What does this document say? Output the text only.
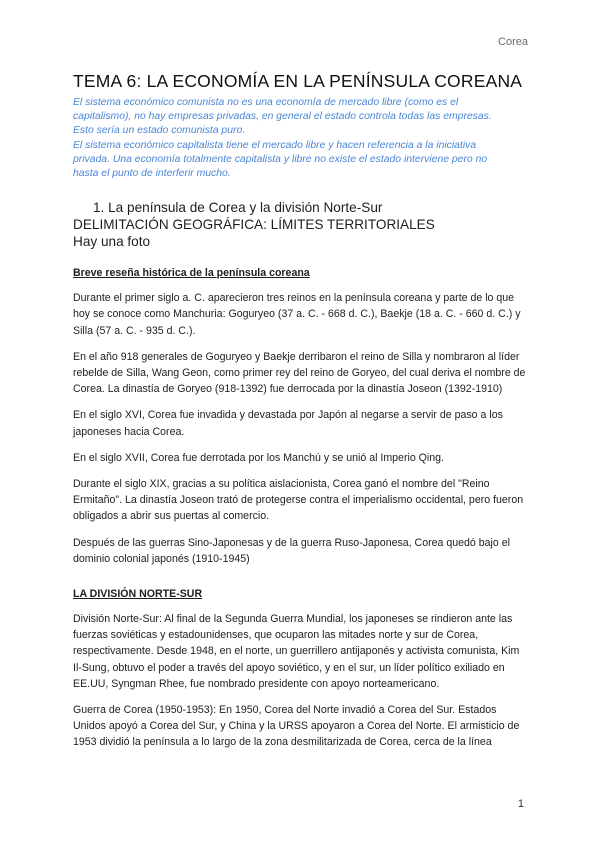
Corea
TEMA 6: LA ECONOMÍA EN LA PENÍNSULA COREANA
El sistema económico comunista no es una economía de mercado libre (como es el
capitalismo), no hay empresas privadas, en general el estado controla todas las empresas.
Esto sería un estado comunista puro.
El sistema económico capitalista tiene el mercado libre y hacen referencia a la iniciativa
privada. Una economía totalmente capitalista y libre no existe el estado interviene pero no
hasta el punto de interferir mucho.
1. La península de Corea y la división Norte-Sur
DELIMITACIÓN GEOGRÁFICA: LÍMITES TERRITORIALES
Hay una foto
Breve reseña histórica de la península coreana

Durante el primer siglo a. C. aparecieron tres reinos en la península coreana y parte de lo que hoy se conoce como Manchuria: Goguryeo (37 a. C. - 668 d. C.), Baekje (18 a. C. - 660 d. C.) y Silla (57 a. C. - 935 d. C.).

En el año 918 generales de Goguryeo y Baekje derribaron el reino de Silla y nombraron al líder rebelde de Silla, Wang Geon, como primer rey del reino de Goryeo, del cual deriva el nombre de Corea. La dinastía de Goryeo (918-1392) fue derrocada por la dinastía Joseon (1392-1910)

En el siglo XVI, Corea fue invadida y devastada por Japón al negarse a servir de paso a los japoneses hacia Corea.

En el siglo XVII, Corea fue derrotada por los Manchú y se unió al Imperio Qing.

Durante el siglo XIX, gracias a su política aislacionista, Corea ganó el nombre del "Reino Ermitaño". La dinastía Joseon trató de protegerse contra el imperialismo occidental, pero fueron obligados a abrir sus puertas al comercio.

Después de las guerras Sino-Japonesas y de la guerra Ruso-Japonesa, Corea quedó bajo el dominio colonial japonés (1910-1945)

LA DIVISIÓN NORTE-SUR

División Norte-Sur: Al final de la Segunda Guerra Mundial, los japoneses se rindieron ante las fuerzas soviéticas y estadounidenses, que ocuparon las mitades norte y sur de Corea, respectivamente. Desde 1948, en el norte, un guerrillero antijaponés y activista comunista, Kim Il-Sung, obtuvo el poder a través del apoyo soviético, y en el sur, un líder político exiliado en EE.UU, Syngman Rhee, fue nombrado presidente con apoyo norteamericano.

Guerra de Corea (1950-1953): En 1950, Corea del Norte invadió a Corea del Sur. Estados Unidos apoyó a Corea del Sur, y China y la URSS apoyaron a Corea del Norte. El armisticio de 1953 dividió la península a lo largo de la zona desmilitarizada de Corea, cerca de la línea

1
